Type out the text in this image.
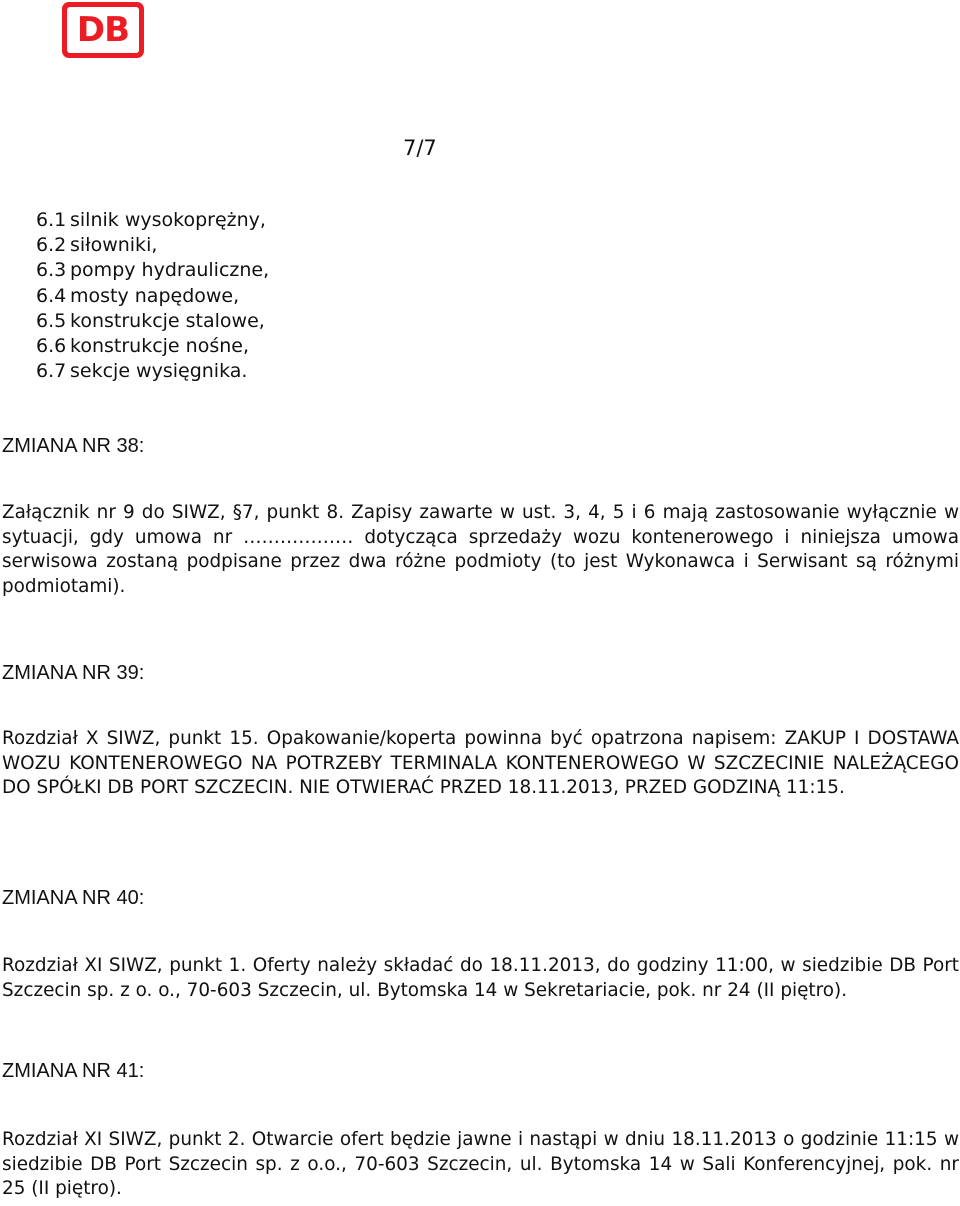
DB
7/7
6.1 silnik wysokoprężny,
6.2 siłowniki,
6.3 pompy hydrauliczne,
6.4 mosty napędowe,
6.5 konstrukcje stalowe,
6.6 konstrukcje nośne,
6.7 sekcje wysięgnika.
ZMIANA NR 38:

Załącznik nr 9 do SIWZ, §7, punkt 8. Zapisy zawarte w ust. 3, 4, 5 i 6 mają zastosowanie wyłącznie w sytuacji, gdy umowa nr ……………… dotycząca sprzedaży wozu kontenerowego i niniejsza umowa serwisowa zostaną podpisane przez dwa różne podmioty (to jest Wykonawca i Serwisant są różnymi podmiotami).

ZMIANA NR 39:

Rozdział X SIWZ, punkt 15. Opakowanie/koperta powinna być opatrzona napisem: ZAKUP I DOSTAWA WOZU KONTENEROWEGO NA POTRZEBY TERMINALA KONTENEROWEGO W SZCZECINIE NALEŻĄCEGO DO SPÓŁKI DB PORT SZCZECIN. NIE OTWIERAĆ PRZED 18.11.2013, PRZED GODZINĄ 11:15.

ZMIANA NR 40:

Rozdział XI SIWZ, punkt 1. Oferty należy składać do 18.11.2013, do godziny 11:00, w siedzibie DB Port Szczecin sp. z o. o., 70-603 Szczecin, ul. Bytomska 14 w Sekretariacie, pok. nr 24 (II piętro).

ZMIANA NR 41:

Rozdział XI SIWZ, punkt 2. Otwarcie ofert będzie jawne i nastąpi w dniu 18.11.2013 o godzinie 11:15 w siedzibie DB Port Szczecin sp. z o.o., 70-603 Szczecin, ul. Bytomska 14 w Sali Konferencyjnej, pok. nr 25 (II piętro).
